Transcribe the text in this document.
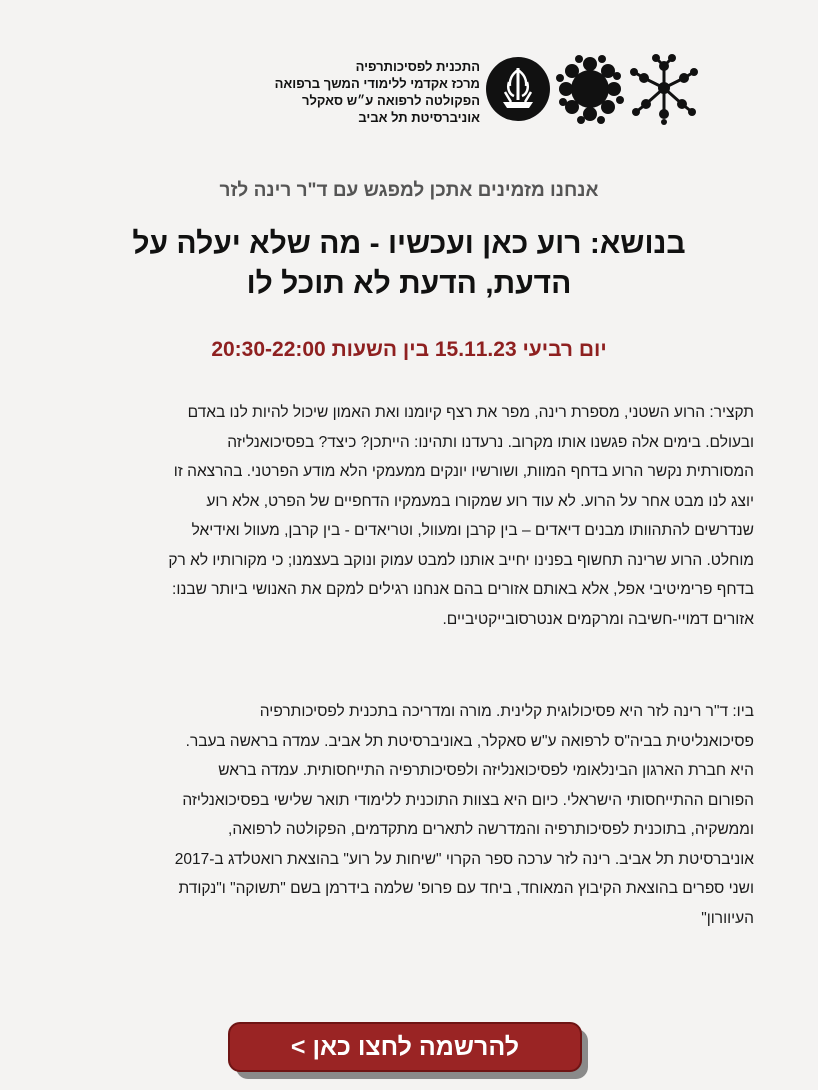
התכנית לפסיכותרפיה
מרכז אקדמי ללימודי המשך ברפואה
הפקולטה לרפואה ע״ש סאקלר
אוניברסיטת תל אביב
אנחנו מזמינים אתכן למפגש עם ד"ר רינה לזר
בנושא: רוע כאן ועכשיו - מה שלא יעלה על
הדעת, הדעת לא תוכל לו
יום רביעי 15.11.23 בין השעות 20:30-22:00
תקציר: הרוע השטני, מספרת רינה, מפר את רצף קיומנו ואת האמון שיכול להיות לנו באדם
ובעולם. בימים אלה פגשנו אותו מקרוב. נרעדנו ותהינו: הייתכן? כיצד? בפסיכואנליזה
המסורתית נקשר הרוע בדחף המוות, ושורשיו יונקים ממעמקי הלא מודע הפרטני. בהרצאה זו
יוצג לנו מבט אחר על הרוע. לא עוד רוע שמקורו במעמקיו הדחפיים של הפרט, אלא רוע
שנדרשים להתהוותו מבנים דיאדים – בין קרבן ומעוול, וטריאדים - בין קרבן, מעוול ואידיאל
מוחלט. הרוע שרינה תחשוף בפנינו יחייב אותנו למבט עמוק ונוקב בעצמנו; כי מקורותיו לא רק
בדחף פרימיטיבי אפל, אלא באותם אזורים בהם אנחנו רגילים למקם את האנושי ביותר שבנו:
אזורים דמויי-חשיבה ומרקמים אנטרסובייקטיביים.
ביו: ד"ר רינה לזר היא פסיכולוגית קלינית. מורה ומדריכה בתכנית לפסיכותרפיה
פסיכואנליטית בביה"ס לרפואה ע"ש סאקלר, באוניברסיטת תל אביב. עמדה בראשה בעבר.
היא חברת הארגון הבינלאומי לפסיכואנליזה ולפסיכותרפיה התייחסותית. עמדה בראש
הפורום ההתייחסותי הישראלי. כיום היא בצוות התוכנית ללימודי תואר שלישי בפסיכואנליזה
וממשקיה, בתוכנית לפסיכותרפיה והמדרשה לתארים מתקדמים, הפקולטה לרפואה,
אוניברסיטת תל אביב. רינה לזר ערכה ספר הקרוי "שיחות על רוע" בהוצאת רואטלדג ב-2017
ושני ספרים בהוצאת הקיבוץ המאוחד, ביחד עם פרופ' שלמה בידרמן בשם "תשוקה" ו"נקודת
העיוורון"
להרשמה לחצו כאן >
